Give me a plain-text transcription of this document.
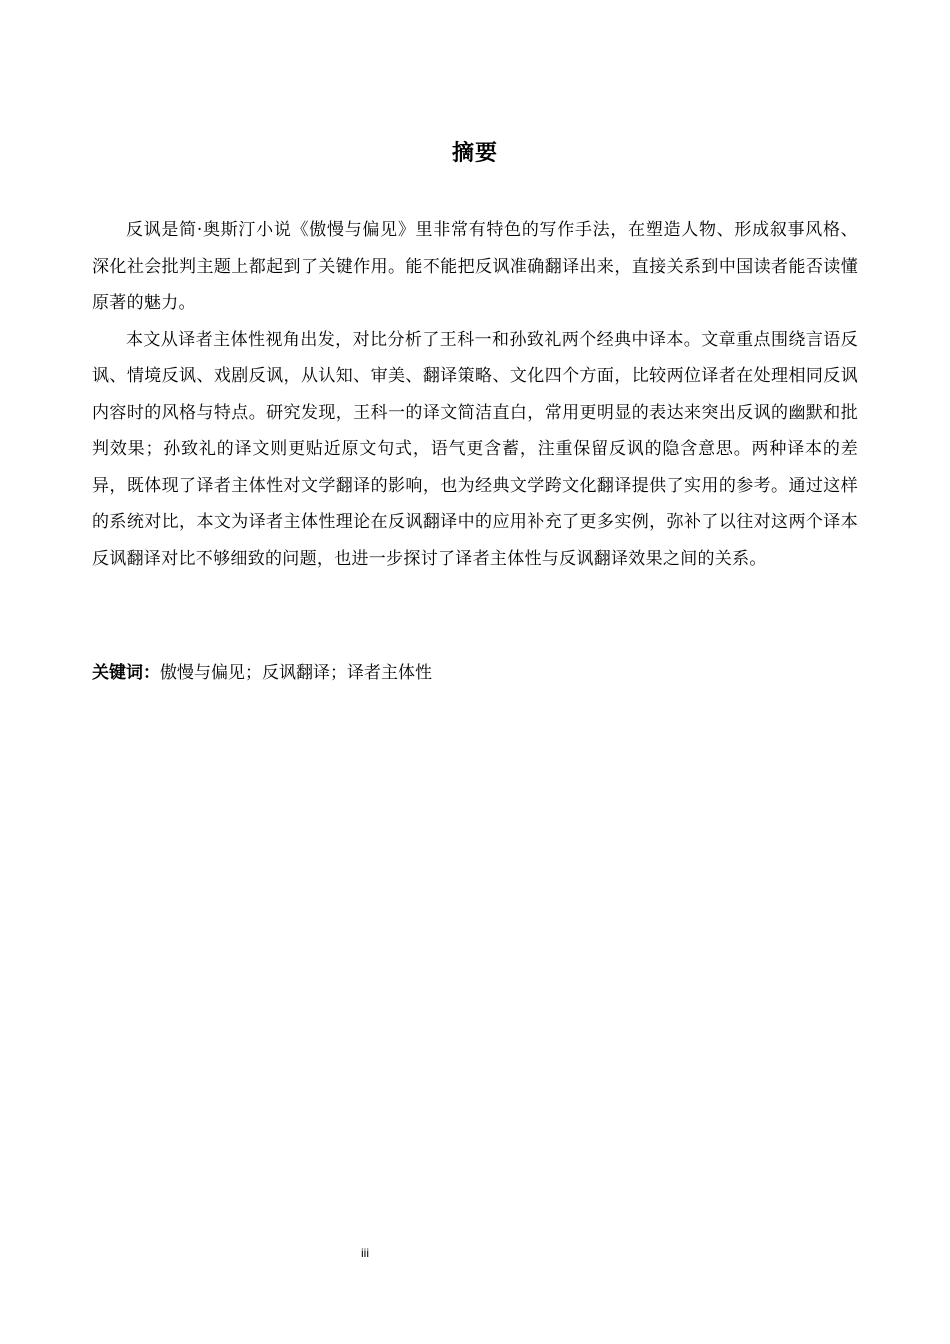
摘要

反讽是简·奥斯汀小说《傲慢与偏见》里非常有特色的写作手法，在塑造人物、形成叙事风格、深化社会批判主题上都起到了关键作用。能不能把反讽准确翻译出来，直接关系到中国读者能否读懂原著的魅力。

本文从译者主体性视角出发，对比分析了王科一和孙致礼两个经典中译本。文章重点围绕言语反讽、情境反讽、戏剧反讽，从认知、审美、翻译策略、文化四个方面，比较两位译者在处理相同反讽内容时的风格与特点。研究发现，王科一的译文简洁直白，常用更明显的表达来突出反讽的幽默和批判效果；孙致礼的译文则更贴近原文句式，语气更含蓄，注重保留反讽的隐含意思。两种译本的差异，既体现了译者主体性对文学翻译的影响，也为经典文学跨文化翻译提供了实用的参考。通过这样的系统对比，本文为译者主体性理论在反讽翻译中的应用补充了更多实例，弥补了以往对这两个译本反讽翻译对比不够细致的问题，也进一步探讨了译者主体性与反讽翻译效果之间的关系。

关键词：傲慢与偏见；反讽翻译；译者主体性

iii
